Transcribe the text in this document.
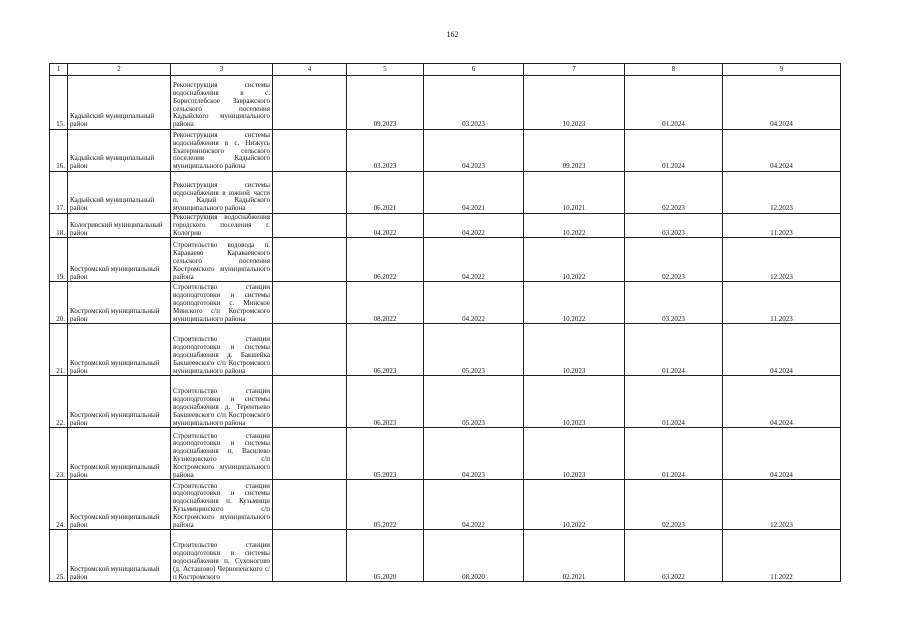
162
1	2	3	4	5	6	7	8	9
15.	Кадыйский муниципальный район	Реконструкция системы водоснабжения в с. Борисоглебское Завражского сельского поселения Кадыйского муниципального района		09.2023	03.2023	10.2023	01.2024	04.2024
16.	Кадыйский муниципальный район	Реконструкция системы водоснабжения в с. Низкусь Екатерининского сельского поселения Кадыйского муниципального района		03.2023	04.2023	09.2023	01.2024	04.2024
17.	Кадыйский муниципальный район	Реконструкция системы водоснабжения в южной части п. Кадый Кадыйского муниципального района		06.2021	04.2021	10.2021	02.2023	12.2023
18.	Кологривский муниципальный район	Реконструкция водоснабжения городского поселения г. Кологрив		04.2022	04.2022	10.2022	03.2023	11.2023
19.	Костромской муниципальный район	Строительство водовода п. Караваево Караваевского сельского поселения Костромского муниципального района		06.2022	04.2022	10.2022	02.2023	12.2023
20.	Костромской муниципальный район	Строительство станции водоподготовки и системы водоподготовки с. Минское Минского с/п Костромского муниципального района		08.2022	04.2022	10.2022	03.2023	11.2023
21.	Костромской муниципальный район	Строительство станции водоподготовки и системы водоснабжения д. Бакшейка Бакшеевского с/п Костромского муниципального района		06.2023	05.2023	10.2023	01.2024	04.2024
22.	Костромской муниципальный район	Строительство станции водоподготовки и системы водоснабжения д. Терентьево Бакшеевского с/п Костромского муниципального района		06.2023	05.2023	10.2023	01.2024	04.2024
23.	Костромской муниципальный район	Строительство станции водоподготовки и системы водоснабжения п. Василево Кузнецовского с/п Костромского муниципального района		05.2023	04.2023	10.2023	01.2024	04.2024
24.	Костромской муниципальный район	Строительство станции водоподготовки и системы водоснабжения п. Кузьмищи Кузьмищинского с/п Костромского муниципального района		05.2022	04.2022	10.2022	02.2023	12.2023
25.	Костромской муниципальный район	Строительство станции водоподготовки и системы водоснабжения п. Сухоногово (д. Асташово) Чернопенского с/п Костромского		05.2020	08.2020	02.2021	03.2022	11.2022
